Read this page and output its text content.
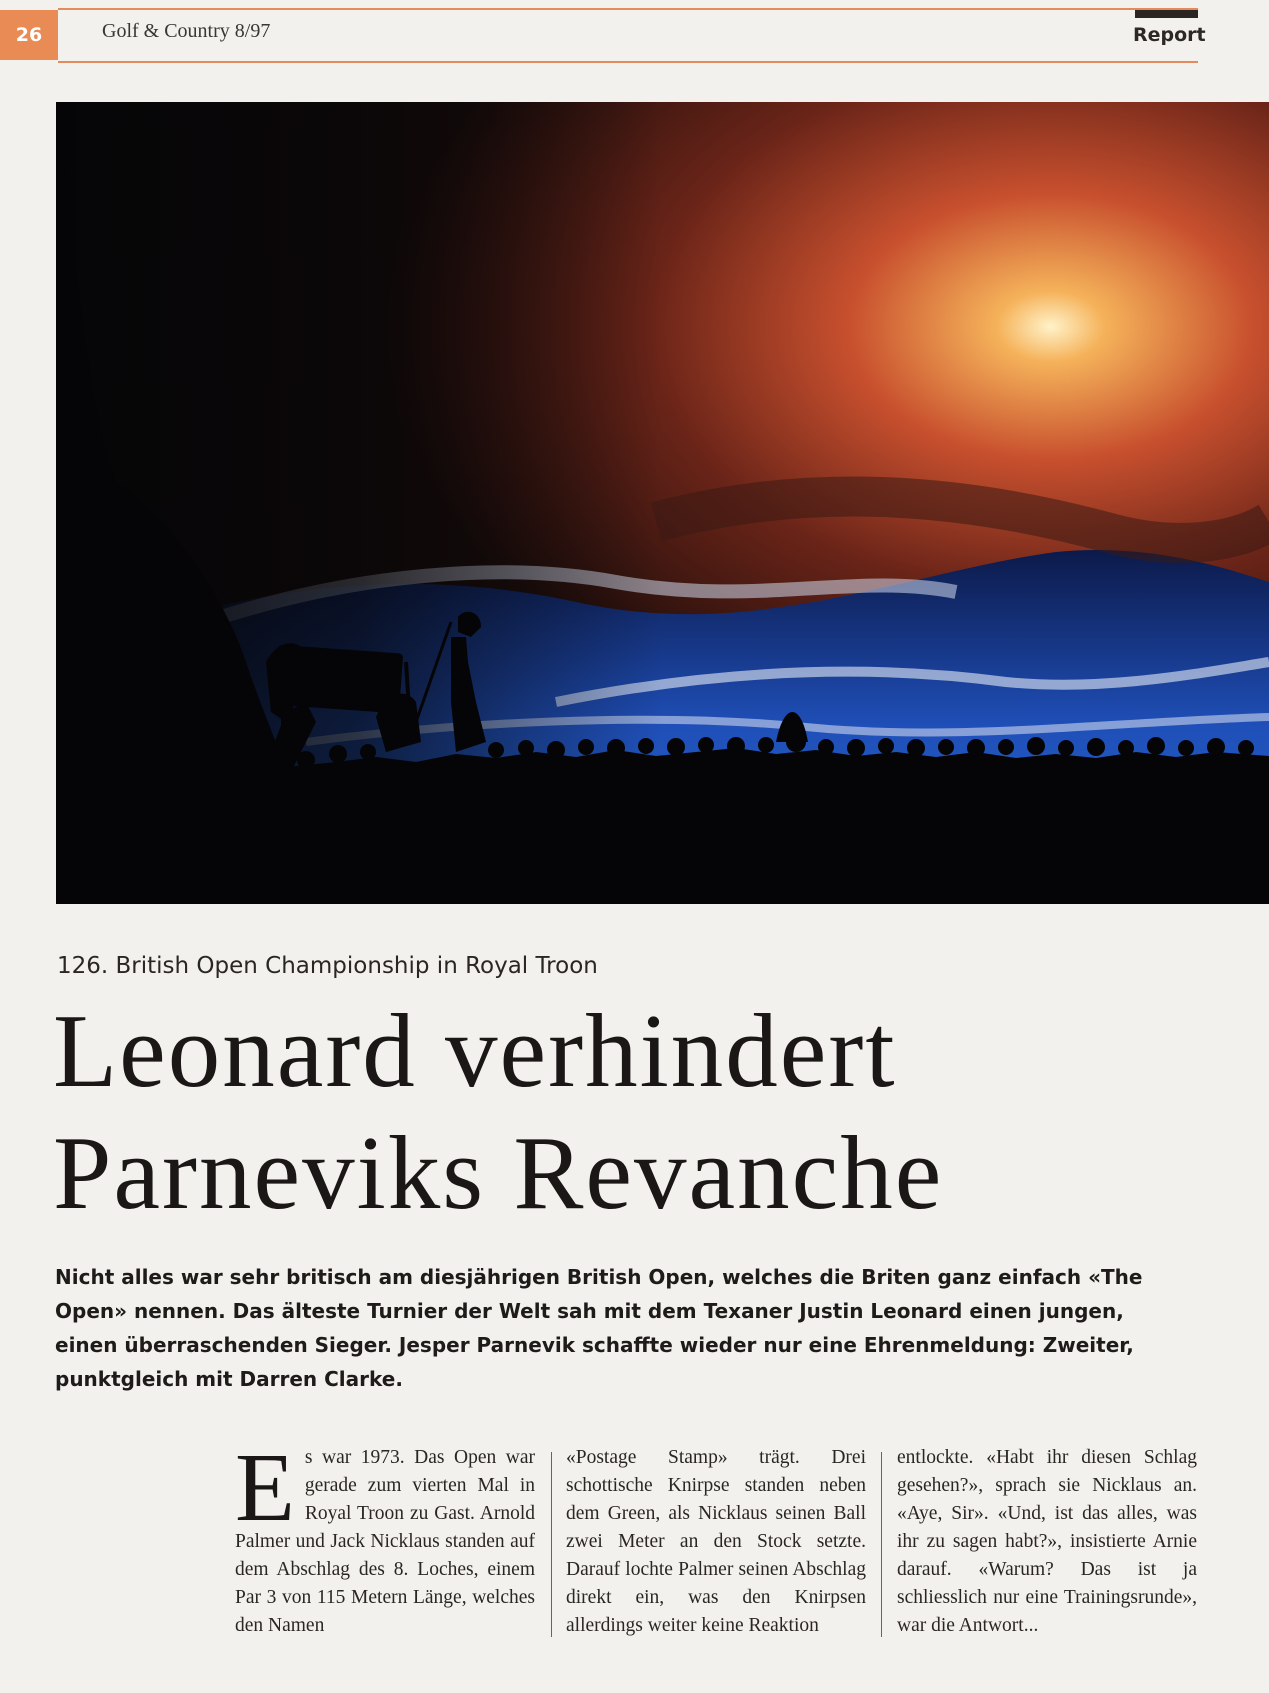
26	Golf & Country 8/97	Report
126. British Open Championship in Royal Troon
Leonard verhindert
Parneviks Revanche

Nicht alles war sehr britisch am diesjährigen British Open, welches die Briten ganz einfach «The Open» nennen. Das älteste Turnier der Welt sah mit dem Texaner Justin Leonard einen jungen, einen überraschenden Sieger. Jesper Parnevik schaffte wieder nur eine Ehrenmeldung: Zweiter, punktgleich mit Darren Clarke.

Es war 1973. Das Open war gerade zum vierten Mal in Royal Troon zu Gast. Arnold Palmer und Jack Nicklaus standen auf dem Abschlag des 8. Loches, einem Par 3 von 115 Metern Länge, welches den Namen

«Postage Stamp» trägt. Drei schottische Knirpse standen neben dem Green, als Nicklaus seinen Ball zwei Meter an den Stock setzte. Darauf lochte Palmer seinen Abschlag direkt ein, was den Knirpsen allerdings weiter keine Reaktion

entlockte. «Habt ihr diesen Schlag gesehen?», sprach sie Nicklaus an. «Aye, Sir». «Und, ist das alles, was ihr zu sagen habt?», insistierte Arnie darauf. «Warum? Das ist ja schliesslich nur eine Trainingsrunde», war die Antwort...
